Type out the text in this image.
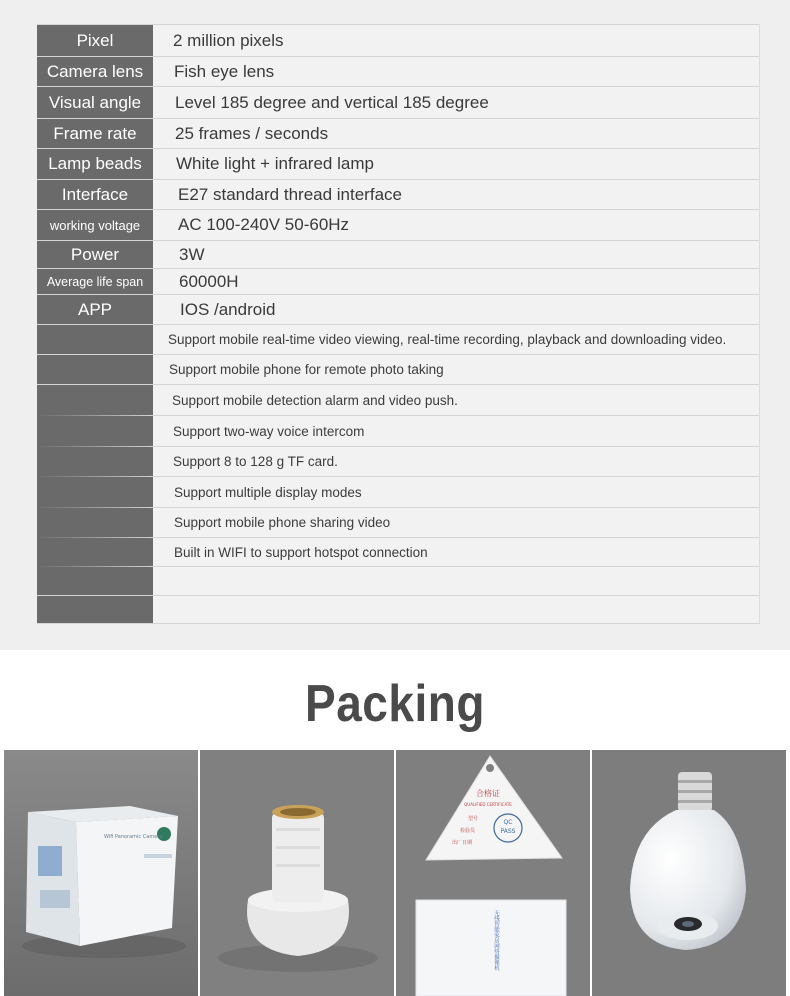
Pixel	2 million pixels
Camera lens	Fish eye lens
Visual angle	Level 185 degree and vertical 185 degree
Frame rate	25 frames / seconds
Lamp beads	White light + infrared lamp
Interface	E27 standard thread interface
working voltage	AC 100-240V 50-60Hz
Power	3W
Average life span	60000H
APP	IOS /android
Support mobile real-time video viewing, real-time recording, playback and downloading video.
Support mobile phone for remote photo taking
Support mobile detection alarm and video push.
Support two-way voice intercom
Support 8 to 128 g TF card.
Support multiple display modes
Support mobile phone sharing video
Built in WIFI to support hotspot connection
Packing
Wifi Panoramic Camera
合格证
QUALIFIED CERTIFICATE
型号
检验员
出厂日期
QC
PASS
无线智能家居网络摄像机
